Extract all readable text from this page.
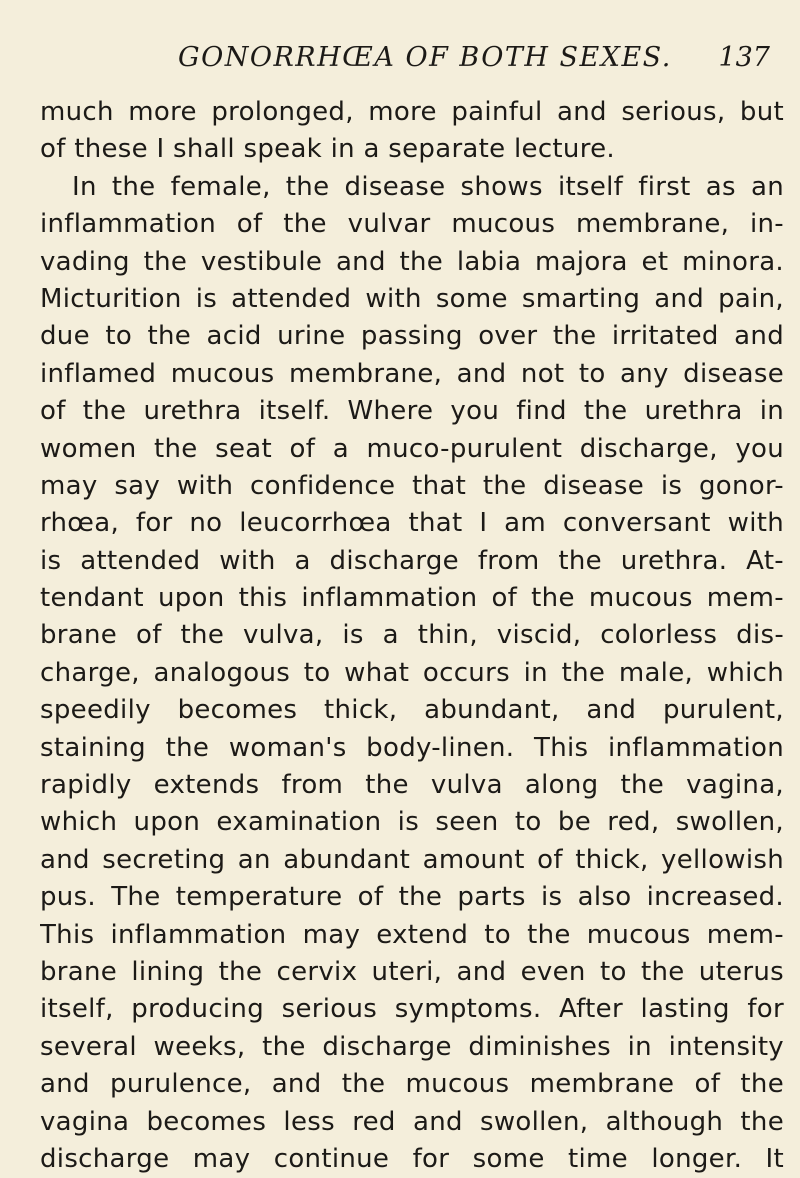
GONORRHŒA OF BOTH SEXES. 137
much more prolonged, more painful and serious, but
of these I shall speak in a separate lecture.
In the female, the disease shows itself first as an
inflammation of the vulvar mucous membrane, in-
vading the vestibule and the labia majora et minora.
Micturition is attended with some smarting and pain,
due to the acid urine passing over the irritated and
inflamed mucous membrane, and not to any disease
of the urethra itself. Where you find the urethra in
women the seat of a muco-purulent discharge, you
may say with confidence that the disease is gonor-
rhœa, for no leucorrhœa that I am conversant with
is attended with a discharge from the urethra. At-
tendant upon this inflammation of the mucous mem-
brane of the vulva, is a thin, viscid, colorless dis-
charge, analogous to what occurs in the male, which
speedily becomes thick, abundant, and purulent,
staining the woman's body-linen. This inflammation
rapidly extends from the vulva along the vagina,
which upon examination is seen to be red, swollen,
and secreting an abundant amount of thick, yellowish
pus. The temperature of the parts is also increased.
This inflammation may extend to the mucous mem-
brane lining the cervix uteri, and even to the uterus
itself, producing serious symptoms. After lasting for
several weeks, the discharge diminishes in intensity
and purulence, and the mucous membrane of the
vagina becomes less red and swollen, although the
discharge may continue for some time longer. It
